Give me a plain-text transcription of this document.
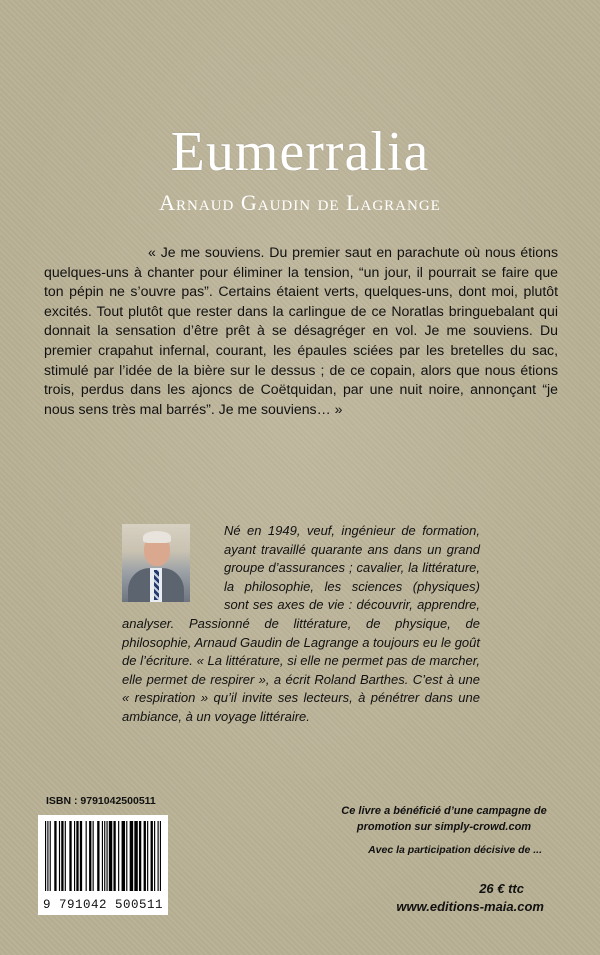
Eumerralia
Arnaud Gaudin de Lagrange

« Je me souviens. Du premier saut en parachute où nous étions quelques-uns à chanter pour éliminer la tension, “un jour, il pourrait se faire que ton pépin ne s’ouvre pas”. Certains étaient verts, quelques-uns, dont moi, plutôt excités. Tout plutôt que rester dans la carlingue de ce Noratlas bringuebalant qui donnait la sensation d’être prêt à se désagréger en vol. Je me souviens. Du premier crapahut infernal, courant, les épaules sciées par les bretelles du sac, stimulé par l’idée de la bière sur le dessus ; de ce copain, alors que nous étions trois, perdus dans les ajoncs de Coëtquidan, par une nuit noire, annonçant “je nous sens très mal barrés”. Je me souviens… »

Né en 1949, veuf, ingénieur de formation, ayant travaillé quarante ans dans un grand groupe d’assurances ; cavalier, la littérature, la philosophie, les sciences (physiques) sont ses axes de vie : découvrir, apprendre, analyser. Passionné de littérature, de physique, de philosophie, Arnaud Gaudin de Lagrange a toujours eu le goût de l’écriture. « La littérature, si elle ne permet pas de marcher, elle permet de respirer », a écrit Roland Barthes. C’est à une « respiration » qu’il invite ses lecteurs, à pénétrer dans une ambiance, à un voyage littéraire.

ISBN : 9791042500511
9 791042 500511
Ce livre a bénéficié d’une campagne de promotion sur simply-crowd.com
Avec la participation décisive de ...
26 € ttc
www.editions-maia.com
